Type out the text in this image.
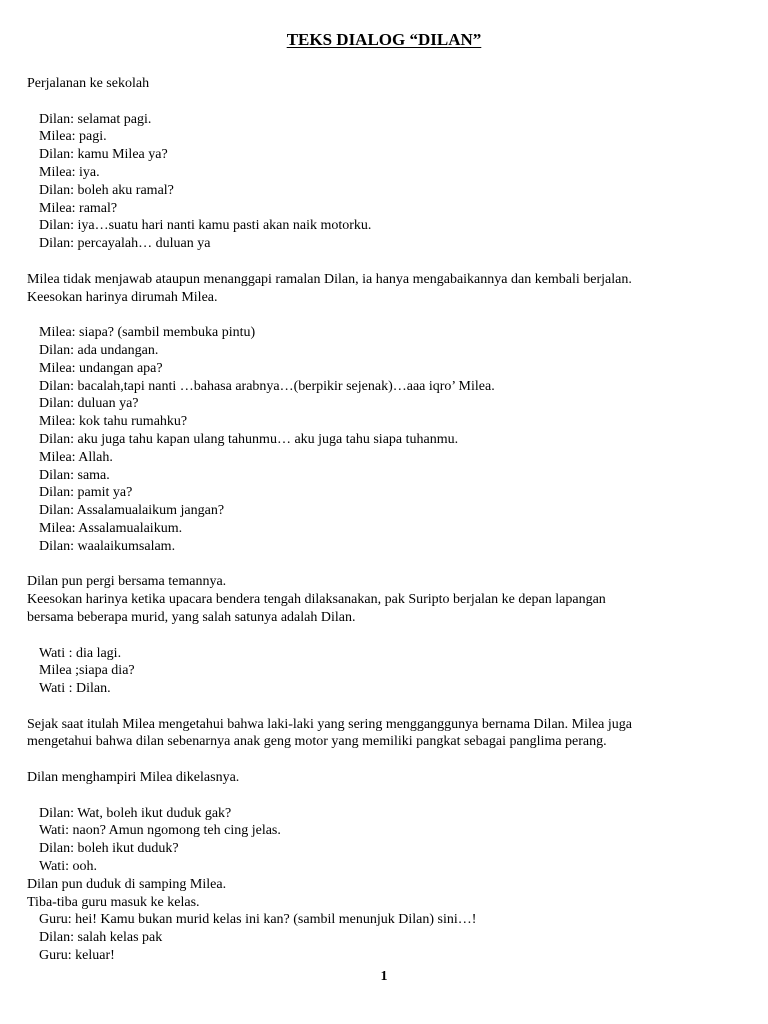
TEKS DIALOG “DILAN”
Perjalanan ke sekolah
Dilan: selamat pagi.
Milea: pagi.
Dilan: kamu Milea ya?
Milea: iya.
Dilan: boleh aku ramal?
Milea: ramal?
Dilan: iya…suatu hari nanti kamu pasti akan naik motorku.
Dilan: percayalah… duluan ya
Milea tidak menjawab ataupun menanggapi ramalan Dilan, ia hanya mengabaikannya dan kembali berjalan.
Keesokan harinya dirumah Milea.
Milea: siapa? (sambil membuka pintu)
Dilan: ada undangan.
Milea: undangan apa?
Dilan: bacalah,tapi nanti …bahasa arabnya…(berpikir sejenak)…aaa iqro’ Milea.
Dilan: duluan ya?
Milea: kok tahu rumahku?
Dilan: aku juga tahu kapan ulang tahunmu… aku juga tahu siapa tuhanmu.
Milea: Allah.
Dilan: sama.
Dilan: pamit ya?
Dilan: Assalamualaikum jangan?
Milea: Assalamualaikum.
Dilan: waalaikumsalam.
Dilan pun pergi bersama temannya.
Keesokan harinya ketika upacara bendera tengah dilaksanakan, pak Suripto berjalan ke depan lapangan
bersama beberapa murid, yang salah satunya adalah Dilan.
Wati : dia lagi.
Milea ;siapa dia?
Wati : Dilan.
Sejak saat itulah Milea mengetahui bahwa laki-laki yang sering mengganggunya bernama Dilan. Milea juga
mengetahui bahwa dilan sebenarnya anak geng motor yang memiliki pangkat sebagai panglima perang.
Dilan menghampiri Milea dikelasnya.
Dilan: Wat, boleh ikut duduk gak?
Wati: naon? Amun ngomong teh cing jelas.
Dilan: boleh ikut duduk?
Wati: ooh.
Dilan pun duduk di samping Milea.
Tiba-tiba guru masuk ke kelas.
Guru: hei! Kamu bukan murid kelas ini kan? (sambil menunjuk Dilan) sini…!
Dilan: salah kelas pak
Guru: keluar!
1
